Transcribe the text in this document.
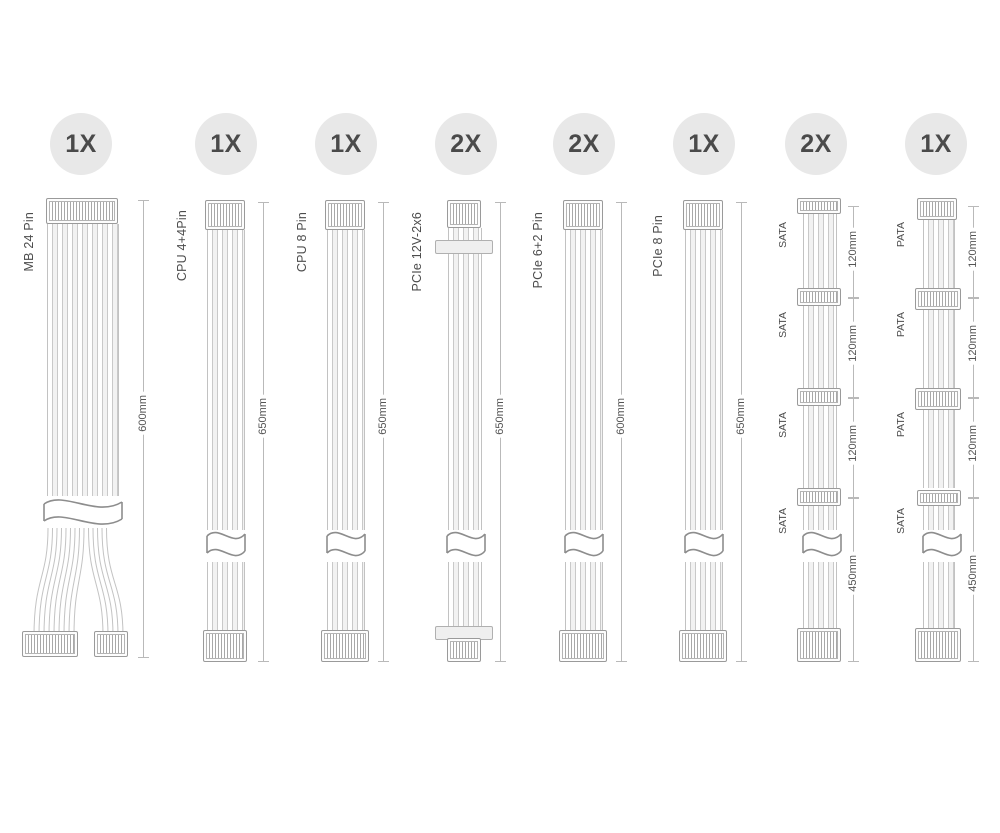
1X
MB 24 Pin
600mm
1X
CPU 4+4Pin
650mm
1X
CPU 8 Pin
650mm
2X
PCIe 12V-2x6
650mm
2X
PCIe 6+2 Pin
600mm
1X
PCIe 8 Pin
650mm
2X
SATA
SATA
SATA
SATA
120mm
120mm
120mm
450mm
1X
PATA
PATA
PATA
SATA
120mm
120mm
120mm
450mm
